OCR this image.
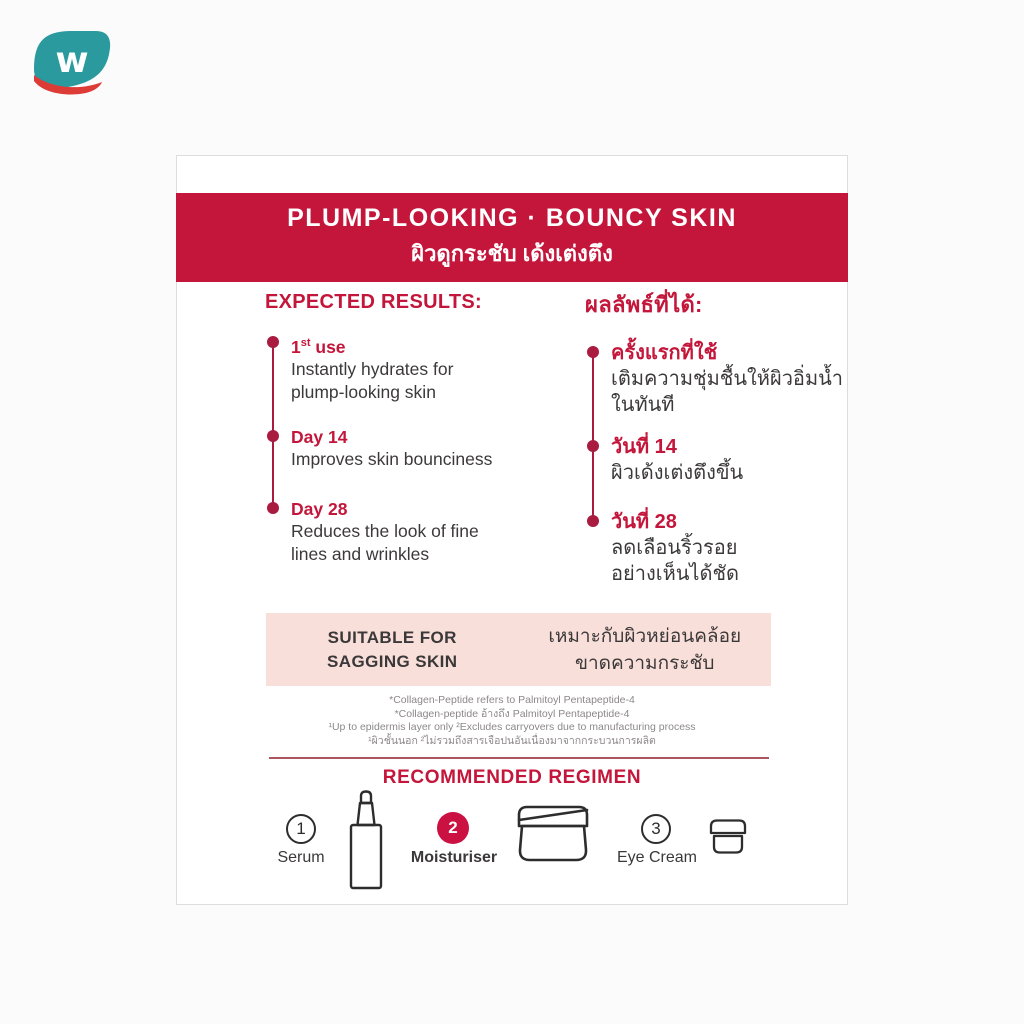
w
PLUMP-LOOKING · BOUNCY SKIN
ผิวดูกระชับ เด้งเต่งตึง
EXPECTED RESULTS:
1st use
Instantly hydrates for
plump-looking skin
Day 14
Improves skin bounciness
Day 28
Reduces the look of fine
lines and wrinkles
ผลลัพธ์ที่ได้:
ครั้งแรกที่ใช้
เติมความชุ่มชื้นให้ผิวอิ่มน้ำ
ในทันที
วันที่ 14
ผิวเด้งเต่งตึงขึ้น
วันที่ 28
ลดเลือนริ้วรอย
อย่างเห็นได้ชัด
SUITABLE FOR
SAGGING SKIN
เหมาะกับผิวหย่อนคล้อย
ขาดความกระชับ
*Collagen-Peptide refers to Palmitoyl Pentapeptide-4
*Collagen-peptide อ้างถึง Palmitoyl Pentapeptide-4
¹Up to epidermis layer only ²Excludes carryovers due to manufacturing process
¹ผิวชั้นนอก ²ไม่รวมถึงสารเจือปนอันเนื่องมาจากกระบวนการผลิต
RECOMMENDED REGIMEN
1
Serum
2
Moisturiser
3
Eye Cream
